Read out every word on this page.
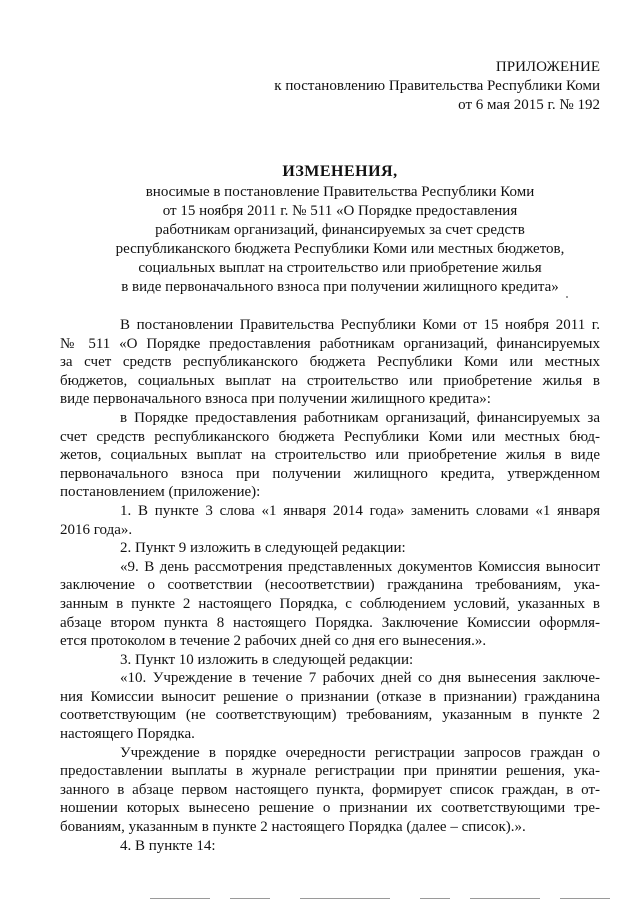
ПРИЛОЖЕНИЕ
к постановлению Правительства Республики Коми
от 6 мая 2015 г. № 192
ИЗМЕНЕНИЯ,
вносимые в постановление Правительства Республики Коми
от 15 ноября 2011 г. № 511 «О Порядке предоставления
работникам организаций, финансируемых за счет средств
республиканского бюджета Республики Коми или местных бюджетов,
социальных выплат на строительство или приобретение жилья
в виде первоначального взноса при получении жилищного кредита»
В постановлении Правительства Республики Коми от 15 ноября 2011 г.
№ 511 «О Порядке предоставления работникам организаций, финансируемых
за счет средств республиканского бюджета Республики Коми или местных
бюджетов, социальных выплат на строительство или приобретение жилья в
виде первоначального взноса при получении жилищного кредита»:
в Порядке предоставления работникам организаций, финансируемых за
счет средств республиканского бюджета Республики Коми или местных бюд-
жетов, социальных выплат на строительство или приобретение жилья в виде
первоначального взноса при получении жилищного кредита, утвержденном
постановлением (приложение):
1. В пункте 3 слова «1 января 2014 года» заменить словами «1 января
2016 года».
2. Пункт 9 изложить в следующей редакции:
«9. В день рассмотрения представленных документов Комиссия выносит
заключение о соответствии (несоответствии) гражданина требованиям, ука-
занным в пункте 2 настоящего Порядка, с соблюдением условий, указанных в
абзаце втором пункта 8 настоящего Порядка. Заключение Комиссии оформля-
ется протоколом в течение 2 рабочих дней со дня его вынесения.».
3. Пункт 10 изложить в следующей редакции:
«10. Учреждение в течение 7 рабочих дней со дня вынесения заключе-
ния Комиссии выносит решение о признании (отказе в признании) гражданина
соответствующим (не соответствующим) требованиям, указанным в пункте 2
настоящего Порядка.
Учреждение в порядке очередности регистрации запросов граждан о
предоставлении выплаты в журнале регистрации при принятии решения, ука-
занного в абзаце первом настоящего пункта, формирует список граждан, в от-
ношении которых вынесено решение о признании их соответствующими тре-
бованиям, указанным в пункте 2 настоящего Порядка (далее – список).».
4. В пункте 14:
